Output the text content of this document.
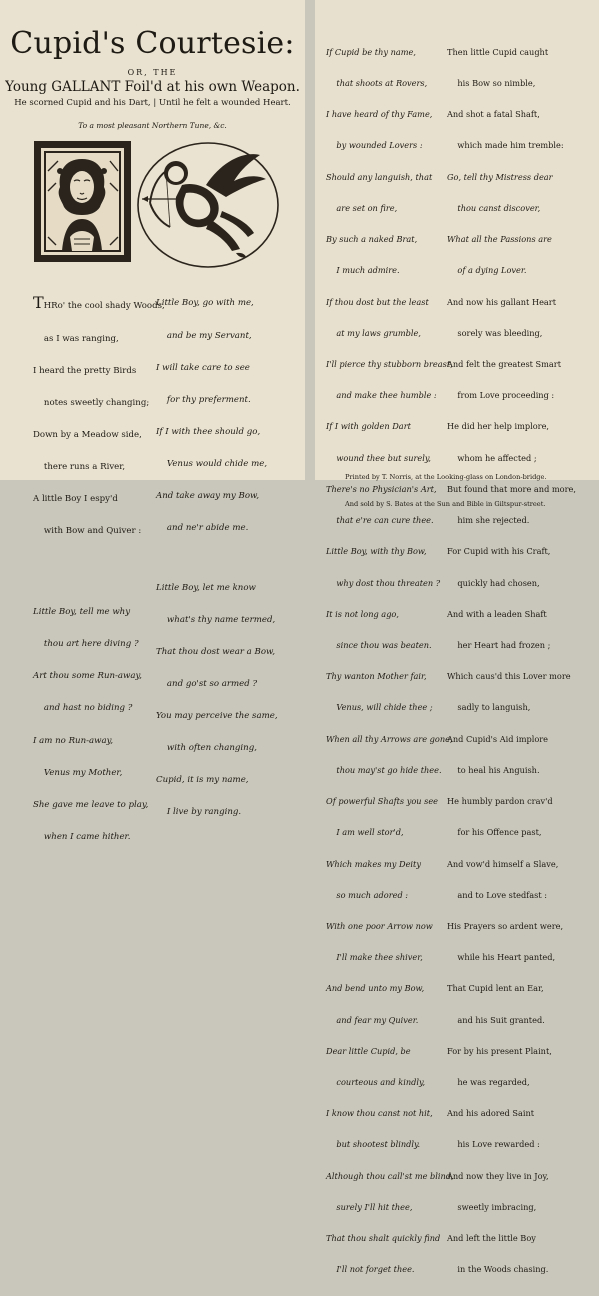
Cupid's Courtesie:
OR, THE
Young GALLANT Foil'd at his own Weapon.
He scorned Cupid and his Dart, | Until he felt a wounded Heart.
To a most pleasant Northern Tune, &c.

THRo' the cool shady Woods,

as I was ranging,

I heard the pretty Birds

notes sweetly changing;

Down by a Meadow side,

there runs a River,

A little Boy I espy'd

with Bow and Quiver :

Little Boy, tell me why

thou art here diving ?

Art thou some Run-away,

and hast no biding ?

I am no Run-away,

Venus my Mother,

She gave me leave to play,

when I came hither.

Little Boy, go with me,

and be my Servant,

I will take care to see

for thy preferment.

If I with thee should go,

Venus would chide me,

And take away my Bow,

and ne'r abide me.

Little Boy, let me know

what's thy name termed,

That thou dost wear a Bow,

and go'st so armed ?

You may perceive the same,

with often changing,

Cupid, it is my name,

I live by ranging.

If Cupid be thy name,

that shoots at Rovers,

I have heard of thy Fame,

by wounded Lovers :

Should any languish, that

are set on fire,

By such a naked Brat,

I much admire.

If thou dost but the least

at my laws grumble,

I'll pierce thy stubborn breast,

and make thee humble :

If I with golden Dart

wound thee but surely,

There's no Physician's Art,

that e're can cure thee.

Little Boy, with thy Bow,

why dost thou threaten ?

It is not long ago,

since thou was beaten.

Thy wanton Mother fair,

Venus, will chide thee ;

When all thy Arrows are gone,

thou may'st go hide thee.

Of powerful Shafts you see

I am well stor'd,

Which makes my Deity

so much adored :

With one poor Arrow now

I'll make thee shiver,

And bend unto my Bow,

and fear my Quiver.

Dear little Cupid, be

courteous and kindly,

I know thou canst not hit,

but shootest blindly.

Although thou call'st me blind,

surely I'll hit thee,

That thou shalt quickly find

I'll not forget thee.

Then little Cupid caught

his Bow so nimble,

And shot a fatal Shaft,

which made him tremble:

Go, tell thy Mistress dear

thou canst discover,

What all the Passions are

of a dying Lover.

And now his gallant Heart

sorely was bleeding,

And felt the greatest Smart

from Love proceeding :

He did her help implore,

whom he affected ;

But found that more and more,

him she rejected.

For Cupid with his Craft,

quickly had chosen,

And with a leaden Shaft

her Heart had frozen ;

Which caus'd this Lover more

sadly to languish,

And Cupid's Aid implore

to heal his Anguish.

He humbly pardon crav'd

for his Offence past,

And vow'd himself a Slave,

and to Love stedfast :

His Prayers so ardent were,

while his Heart panted,

That Cupid lent an Ear,

and his Suit granted.

For by his present Plaint,

he was regarded,

And his adored Saint

his Love rewarded :

And now they live in Joy,

sweetly imbracing,

And left the little Boy

in the Woods chasing.

Printed by T. Norris, at the Looking-glass on London-bridge.

And sold by S. Bates at the Sun and Bible in Giltspur-street.
